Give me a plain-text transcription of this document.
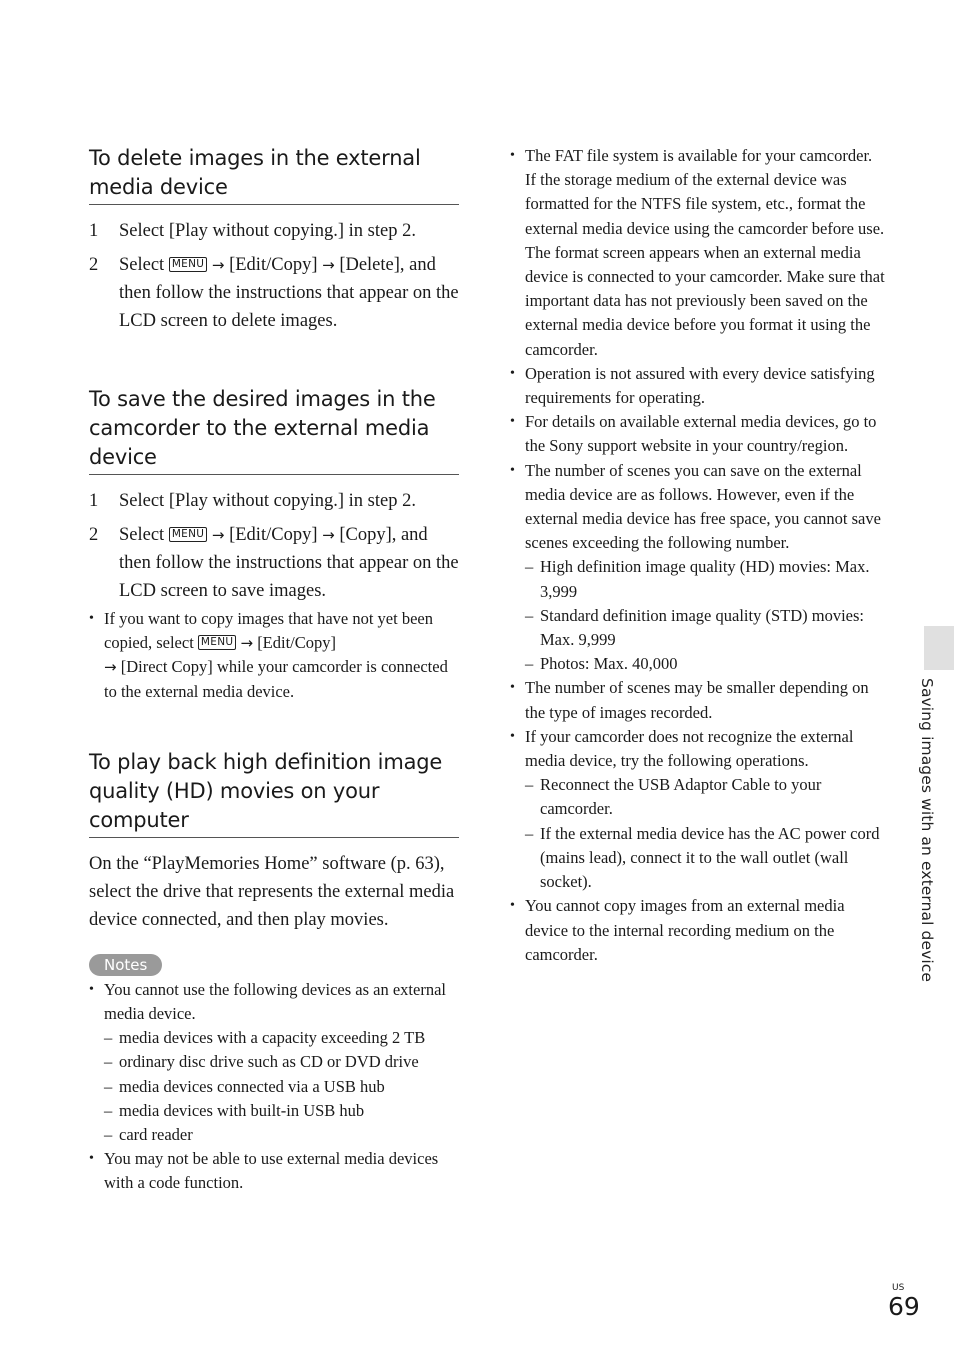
To delete images in the external media device
1 Select [Play without copying.] in step 2.
2 Select MENU → [Edit/Copy] → [Delete], and then follow the instructions that appear on the LCD screen to delete images.
To save the desired images in the camcorder to the external media device
1 Select [Play without copying.] in step 2.
2 Select MENU → [Edit/Copy] → [Copy], and then follow the instructions that appear on the LCD screen to save images.
• If you want to copy images that have not yet been copied, select MENU → [Edit/Copy]
→ [Direct Copy] while your camcorder is connected to the external media device.
To play back high definition image quality (HD) movies on your computer

On the “PlayMemories Home” software (p. 63), select the drive that represents the external media device connected, and then play movies.

Notes
• You cannot use the following devices as an external media device.
– media devices with a capacity exceeding 2 TB
– ordinary disc drive such as CD or DVD drive
– media devices connected via a USB hub
– media devices with built-in USB hub
– card reader
• You may not be able to use external media devices with a code function.
• The FAT file system is available for your camcorder. If the storage medium of the external device was formatted for the NTFS file system, etc., format the external media device using the camcorder before use. The format screen appears when an external media device is connected to your camcorder. Make sure that important data has not previously been saved on the external media device before you format it using the camcorder.
• Operation is not assured with every device satisfying requirements for operating.
• For details on available external media devices, go to the Sony support website in your country/region.
• The number of scenes you can save on the external media device are as follows. However, even if the external media device has free space, you cannot save scenes exceeding the following number.
– High definition image quality (HD) movies: Max. 3,999
– Standard definition image quality (STD) movies: Max. 9,999
– Photos: Max. 40,000
• The number of scenes may be smaller depending on the type of images recorded.
• If your camcorder does not recognize the external media device, try the following operations.
– Reconnect the USB Adaptor Cable to your camcorder.
– If the external media device has the AC power cord (mains lead), connect it to the wall outlet (wall socket).
• You cannot copy images from an external media device to the internal recording medium on the camcorder.	Saving images with an external device
US
69
